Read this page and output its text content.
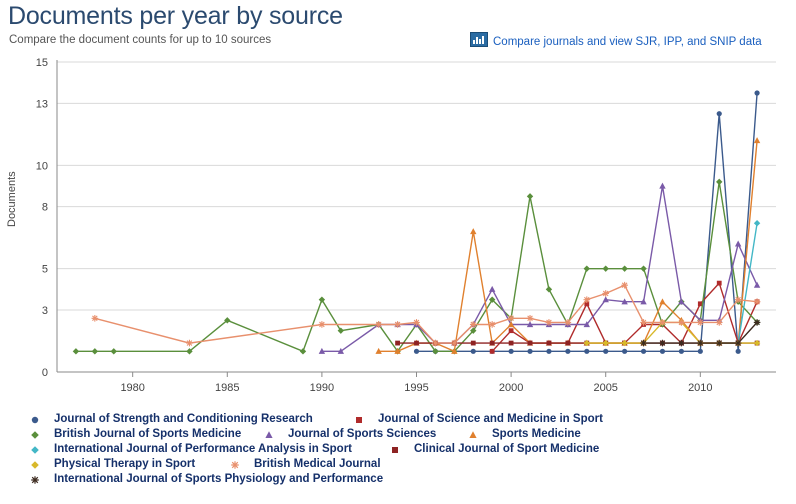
Documents per year by source
Compare the document counts for up to 10 sources	Compare journals and view SJR, IPP, and SNIP data
Documents
0
3
5
8
10
13
15
1980	1985	1990	1995	2000	2005	2010
Journal of Strength and Conditioning Research	Journal of Science and Medicine in Sport
British Journal of Sports Medicine	Journal of Sports Sciences	Sports Medicine
International Journal of Performance Analysis in Sport	Clinical Journal of Sport Medicine
Physical Therapy in Sport	British Medical Journal
International Journal of Sports Physiology and Performance
